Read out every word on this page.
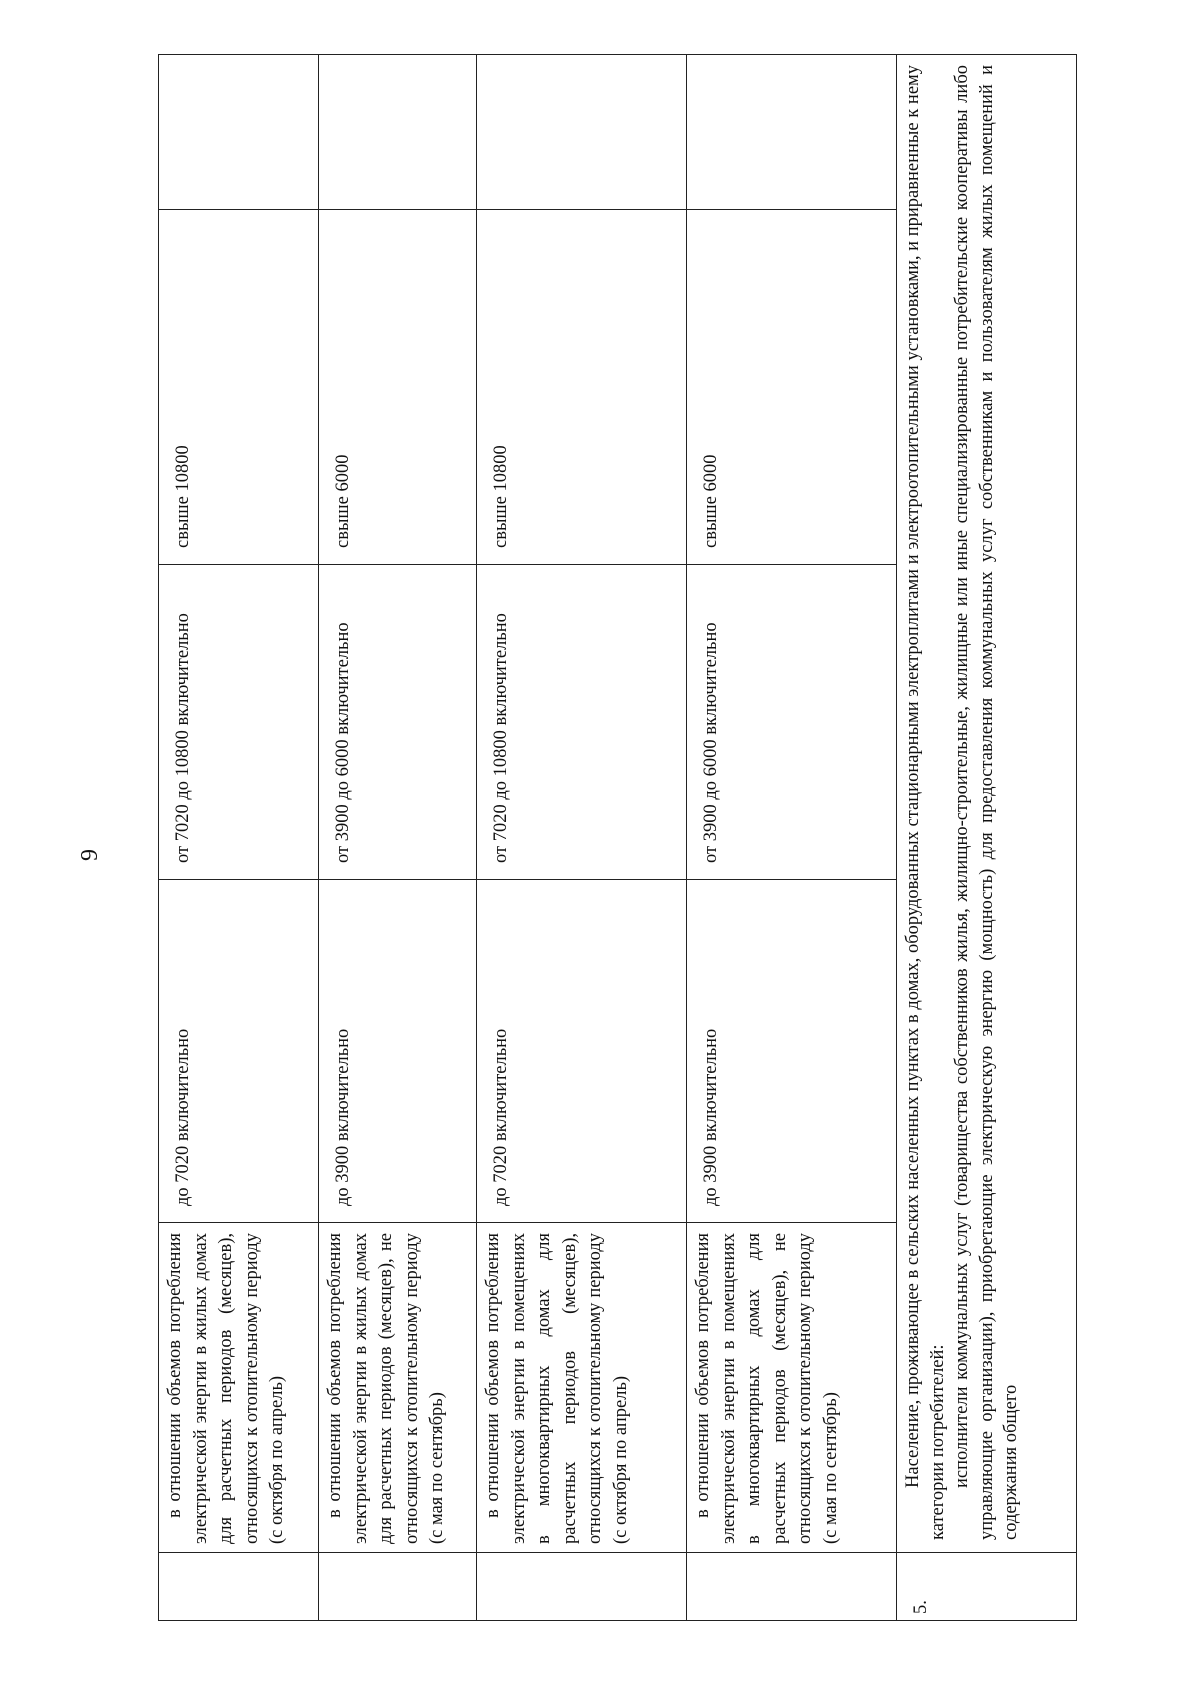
9
	в отношении объемов потребления электрической энергии в жилых домах для расчетных периодов (месяцев), относящихся к отопительному периоду (с октября по апрель)	до 7020 включительно	от 7020 до 10800 включительно	свыше 10800	
	в отношении объемов потребления электрической энергии в жилых домах для расчетных периодов (месяцев), не относящихся к отопительному периоду (с мая по сентябрь)	до 3900 включительно	от 3900 до 6000 включительно	свыше 6000	
	в отношении объемов потребления электрической энергии в помещениях в многоквартирных домах для расчетных периодов (месяцев), относящихся к отопительному периоду (с октября по апрель)	до 7020 включительно	от 7020 до 10800 включительно	свыше 10800	
	в отношении объемов потребления электрической энергии в помещениях в многоквартирных домах для расчетных периодов (месяцев), не относящихся к отопительному периоду (с мая по сентябрь)	до 3900 включительно	от 3900 до 6000 включительно	свыше 6000	
5.	Население, проживающее в сельских населенных пунктах в домах, оборудованных стационарными электроплитами и электроотопительными установками, и приравненные к нему категории потребителей: исполнители коммунальных услуг (товарищества собственников жилья, жилищно-строительные, жилищные или иные специализированные потребительские кооперативы либо управляющие организации), приобретающие электрическую энергию (мощность) для предоставления коммунальных услуг собственникам и пользователям жилых помещений и содержания общего				
